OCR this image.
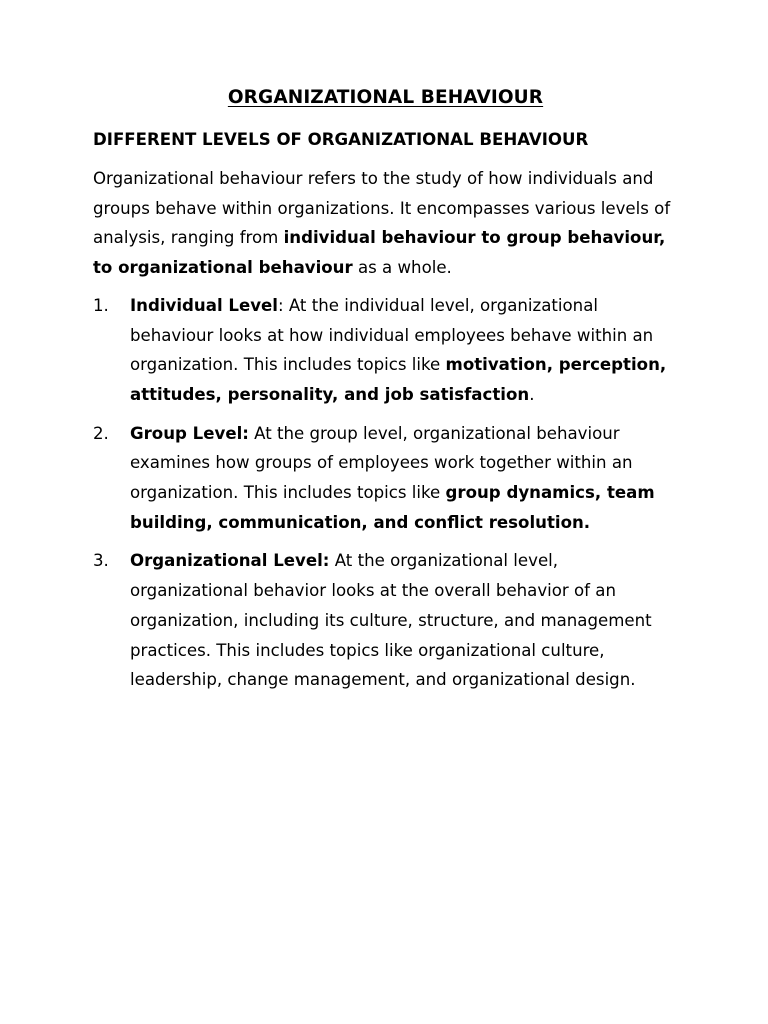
ORGANIZATIONAL BEHAVIOUR
DIFFERENT LEVELS OF ORGANIZATIONAL BEHAVIOUR

Organizational behaviour refers to the study of how individuals and groups behave within organizations. It encompasses various levels of analysis, ranging from individual behaviour to group behaviour, to organizational behaviour as a whole.

1. Individual Level: At the individual level, organizational behaviour looks at how individual employees behave within an organization. This includes topics like motivation, perception, attitudes, personality, and job satisfaction.
2. Group Level: At the group level, organizational behaviour examines how groups of employees work together within an organization. This includes topics like group dynamics, team building, communication, and conflict resolution.
3. Organizational Level: At the organizational level, organizational behavior looks at the overall behavior of an organization, including its culture, structure, and management practices. This includes topics like organizational culture, leadership, change management, and organizational design.
